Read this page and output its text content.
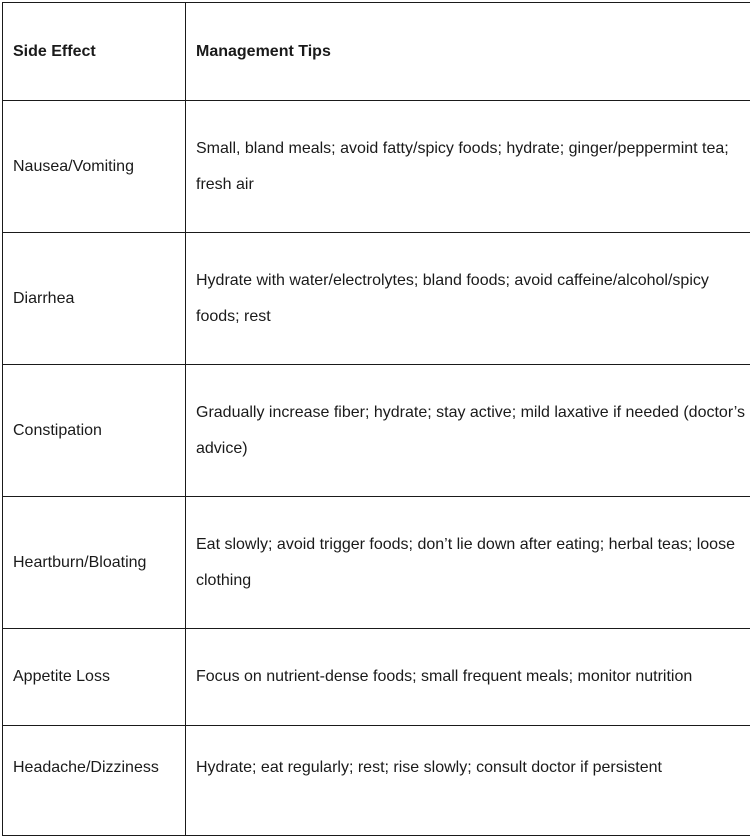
Side Effect	Management Tips
Nausea/Vomiting	Small, bland meals; avoid fatty/spicy foods; hydrate; ginger/peppermint tea; fresh air
Diarrhea	Hydrate with water/electrolytes; bland foods; avoid caffeine/alcohol/spicy foods; rest
Constipation	Gradually increase fiber; hydrate; stay active; mild laxative if needed (doctor’s advice)
Heartburn/Bloating	Eat slowly; avoid trigger foods; don’t lie down after eating; herbal teas; loose clothing
Appetite Loss	Focus on nutrient-dense foods; small frequent meals; monitor nutrition
Headache/Dizziness	Hydrate; eat regularly; rest; rise slowly; consult doctor if persistent
